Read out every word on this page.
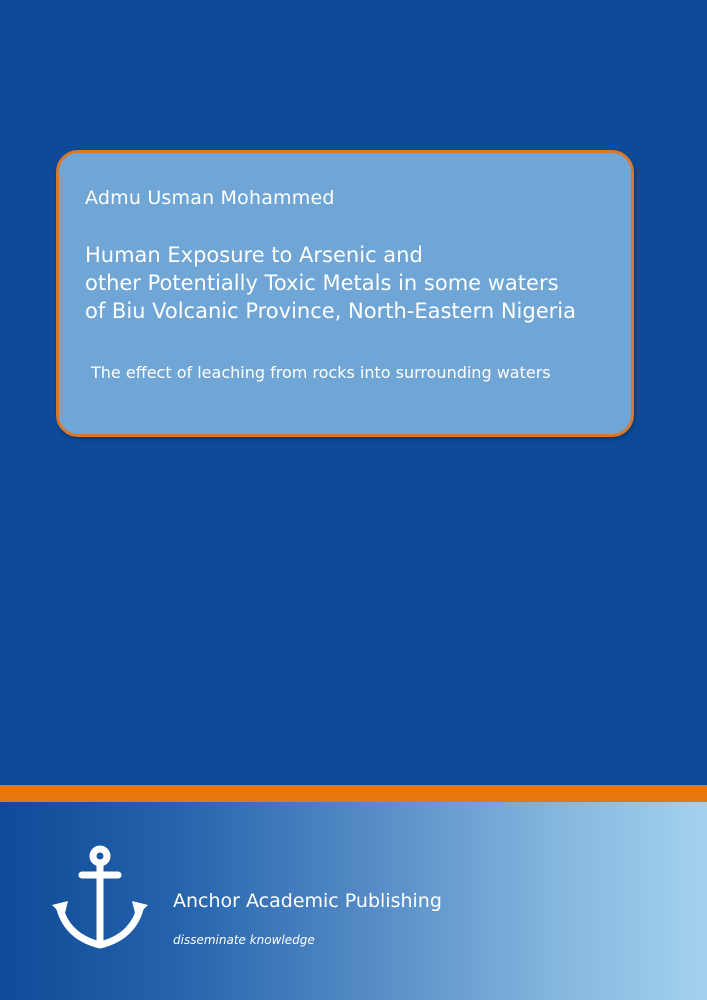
Admu Usman Mohammed
Human Exposure to Arsenic and
other Potentially Toxic Metals in some waters
of Biu Volcanic Province, North-Eastern Nigeria
The effect of leaching from rocks into surrounding waters
Anchor Academic Publishing
disseminate knowledge
